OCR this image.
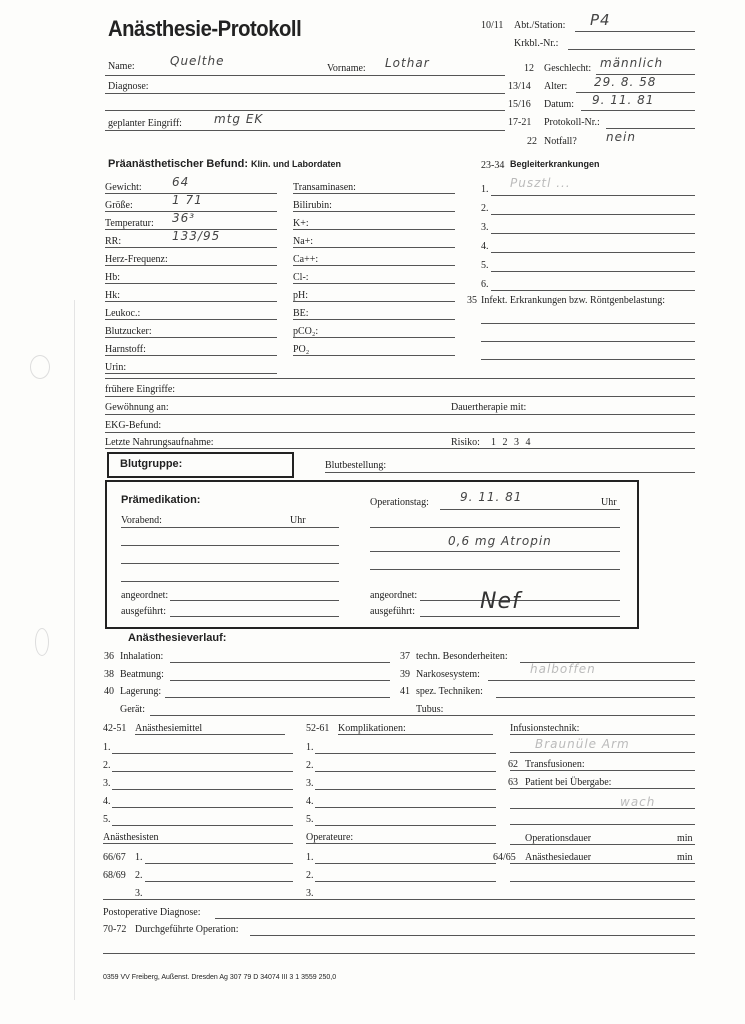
Anästhesie-Protokoll	10/11 Abt./Station: P4
Krkbl.-Nr.:
Name:	Quelthe
Vorname: Lothar
Diagnose:
geplanter Eingriff:	mtg EK
12 Geschlecht: männlich
13/14 Alter: 29. 8. 58
15/16 Datum: 9. 11. 81
17-21 Protokoll-Nr.:
22 Notfall? nein
Präanästhetischer Befund: Klin. und Labordaten	23-34 Begleiterkrankungen
Gewicht:	64
Größe:	1 71
Temperatur: 36³
RR:	133/95
Herz-Frequenz:
Hb:
Hk:
Leukoc.:
Blutzucker:
Harnstoff:
Urin:
Transaminasen:
Bilirubin:
K+:
Na+:
Ca++:
Cl-:
pH:
BE:
pCO₂:
PO₂
1. Pusztl ...
2.
3.
4.
5.
6.
35 Infekt. Erkrankungen bzw. Röntgenbelastung:
frühere Eingriffe:
Gewöhnung an:	Dauertherapie mit:
EKG-Befund:
Letzte Nahrungsaufnahme:	Risiko: 1 2 3 4
Blutgruppe:	Blutbestellung:
Prämedikation:
Vorabend:	Uhr
Operationstag:	9. 11. 81	Uhr
0,6 mg Atropin
angeordnet:
ausgeführt:
angeordnet:
ausgeführt:	Nef
Anästhesieverlauf:
36 Inhalation:
38 Beatmung:
40 Lagerung:
Gerät:
37 techn. Besonderheiten:
39 Narkosesystem:	halboffen
41 spez. Techniken:
Tubus:
42-51 Anästhesiemittel
1.
2.
3.
4.
5.
52-61 Komplikationen:
1.
2.
3.
4.
5.
Infusionstechnik:
Braunüle Arm
62 Transfusionen:
63 Patient bei Übergabe:
wach
Anästhesisten
66/67 1.
68/69 2.
3.
Operateure:
1.
2.
3.
Operationsdauer	min
64/65 Anästhesiedauer	min
Postoperative Diagnose:
70-72 Durchgeführte Operation:
0359 VV Freiberg, Außenst. Dresden Ag 307 79 D 34074 III 3 1 3559 250,0
